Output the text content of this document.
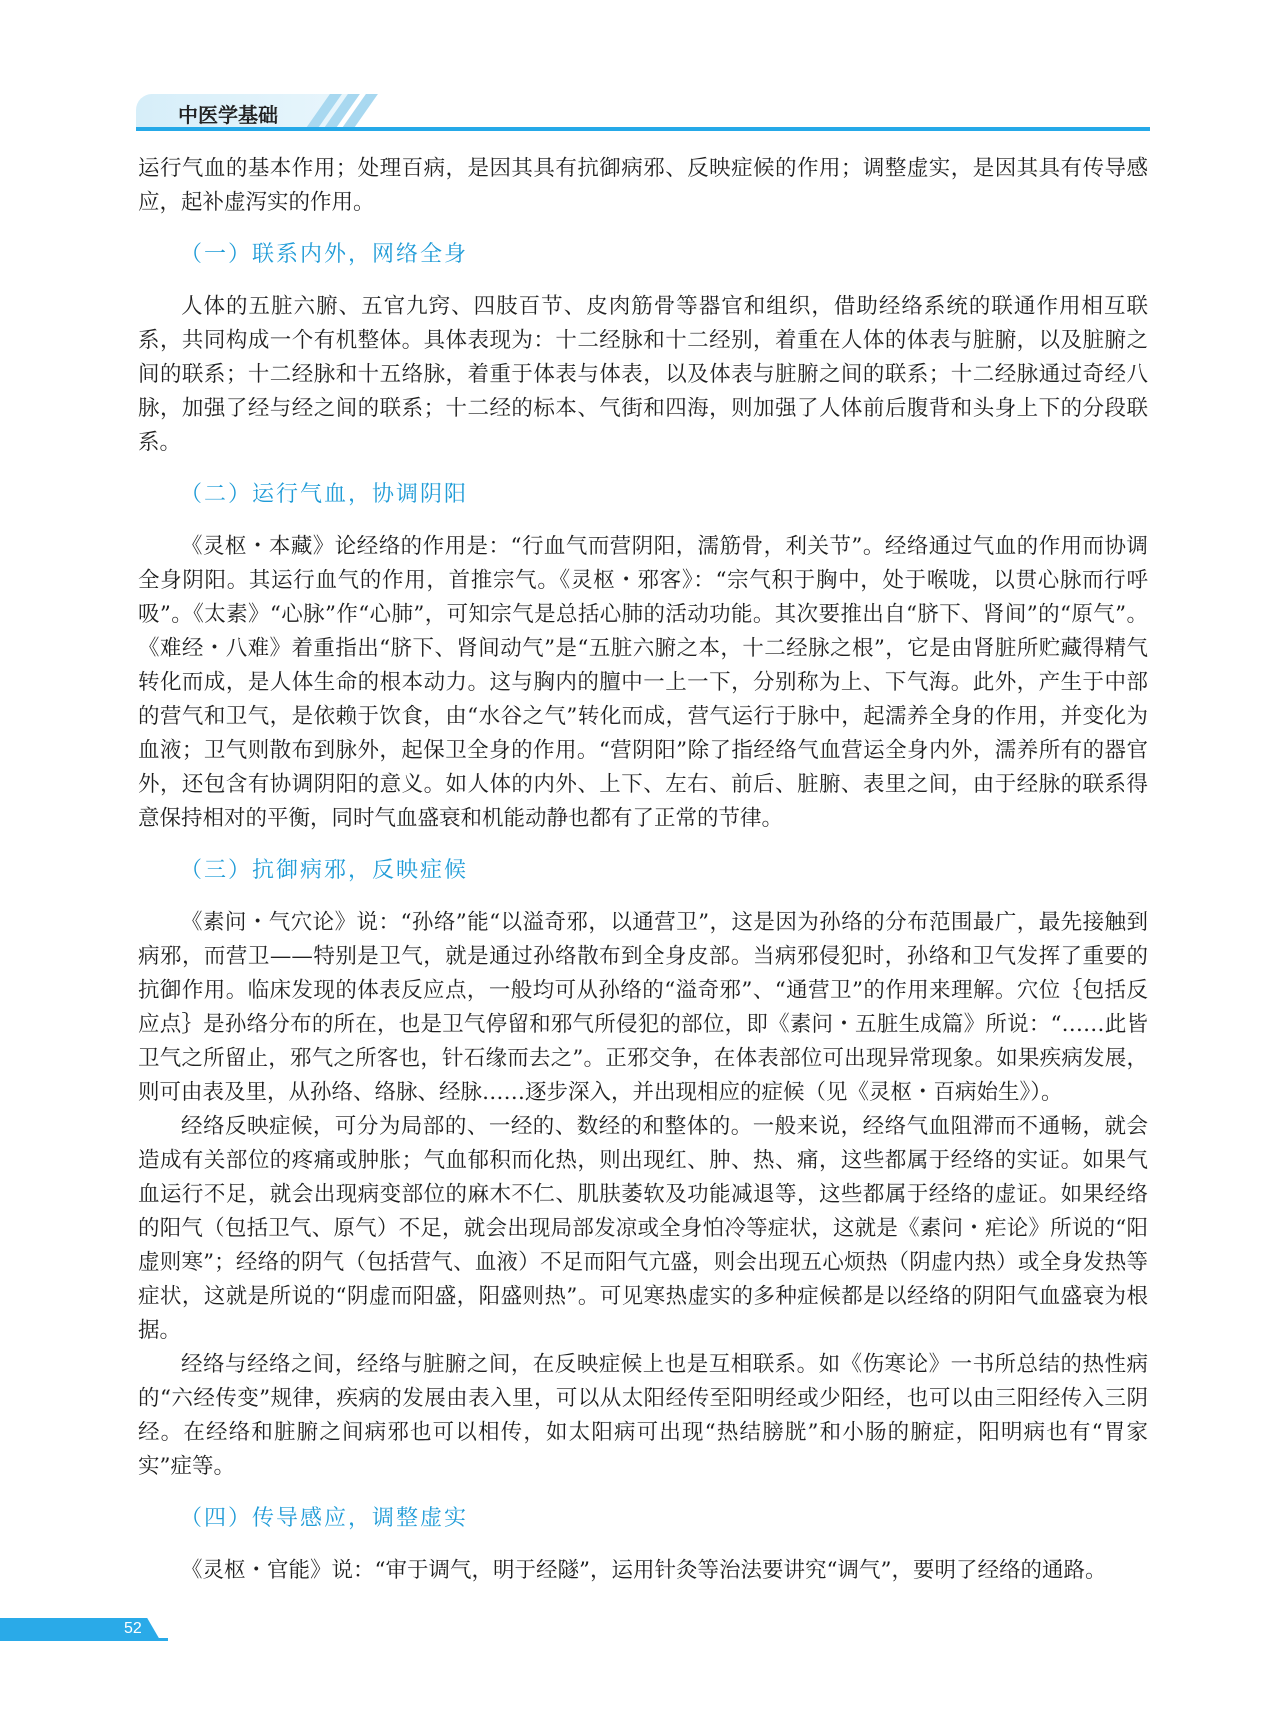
中医学基础

运行气血的基本作用；处理百病，是因其具有抗御病邪、反映症候的作用；调整虚实，是因其具有传导感应，起补虚泻实的作用。

（一）联系内外，网络全身

人体的五脏六腑、五官九窍、四肢百节、皮肉筋骨等器官和组织，借助经络系统的联通作用相互联系，共同构成一个有机整体。具体表现为：十二经脉和十二经别，着重在人体的体表与脏腑，以及脏腑之间的联系；十二经脉和十五络脉，着重于体表与体表，以及体表与脏腑之间的联系；十二经脉通过奇经八脉，加强了经与经之间的联系；十二经的标本、气街和四海，则加强了人体前后腹背和头身上下的分段联系。

（二）运行气血，协调阴阳

《灵枢・本藏》论经络的作用是：“行血气而营阴阳，濡筋骨，利关节”。经络通过气血的作用而协调全身阴阳。其运行血气的作用，首推宗气。《灵枢・邪客》：“宗气积于胸中，处于喉咙，以贯心脉而行呼吸”。《太素》“心脉”作“心肺”，可知宗气是总括心肺的活动功能。其次要推出自“脐下、肾间”的“原气”。《难经・八难》着重指出“脐下、肾间动气”是“五脏六腑之本，十二经脉之根”，它是由肾脏所贮藏得精气转化而成，是人体生命的根本动力。这与胸内的膻中一上一下，分别称为上、下气海。此外，产生于中部的营气和卫气，是依赖于饮食，由“水谷之气”转化而成，营气运行于脉中，起濡养全身的作用，并变化为血液；卫气则散布到脉外，起保卫全身的作用。“营阴阳”除了指经络气血营运全身内外，濡养所有的器官外，还包含有协调阴阳的意义。如人体的内外、上下、左右、前后、脏腑、表里之间，由于经脉的联系得意保持相对的平衡，同时气血盛衰和机能动静也都有了正常的节律。

（三）抗御病邪，反映症候

《素问・气穴论》说：“孙络”能“以溢奇邪，以通营卫”，这是因为孙络的分布范围最广，最先接触到病邪，而营卫——特别是卫气，就是通过孙络散布到全身皮部。当病邪侵犯时，孙络和卫气发挥了重要的抗御作用。临床发现的体表反应点，一般均可从孙络的“溢奇邪”、“通营卫”的作用来理解。穴位｛包括反应点｝是孙络分布的所在，也是卫气停留和邪气所侵犯的部位，即《素问・五脏生成篇》所说：“……此皆卫气之所留止，邪气之所客也，针石缘而去之”。正邪交争，在体表部位可出现异常现象。如果疾病发展，则可由表及里，从孙络、络脉、经脉……逐步深入，并出现相应的症候（见《灵枢・百病始生》）。

经络反映症候，可分为局部的、一经的、数经的和整体的。一般来说，经络气血阻滞而不通畅，就会造成有关部位的疼痛或肿胀；气血郁积而化热，则出现红、肿、热、痛，这些都属于经络的实证。如果气血运行不足，就会出现病变部位的麻木不仁、肌肤萎软及功能减退等，这些都属于经络的虚证。如果经络的阳气（包括卫气、原气）不足，就会出现局部发凉或全身怕冷等症状，这就是《素问・疟论》所说的“阳虚则寒”；经络的阴气（包括营气、血液）不足而阳气亢盛，则会出现五心烦热（阴虚内热）或全身发热等症状，这就是所说的“阴虚而阳盛，阳盛则热”。可见寒热虚实的多种症候都是以经络的阴阳气血盛衰为根据。

经络与经络之间，经络与脏腑之间，在反映症候上也是互相联系。如《伤寒论》一书所总结的热性病的“六经传变”规律，疾病的发展由表入里，可以从太阳经传至阳明经或少阳经，也可以由三阳经传入三阴经。在经络和脏腑之间病邪也可以相传，如太阳病可出现“热结膀胱”和小肠的腑症，阳明病也有“胃家实”症等。

（四）传导感应，调整虚实

《灵枢・官能》说：“审于调气，明于经隧”，运用针灸等治法要讲究“调气”，要明了经络的通路。

52
